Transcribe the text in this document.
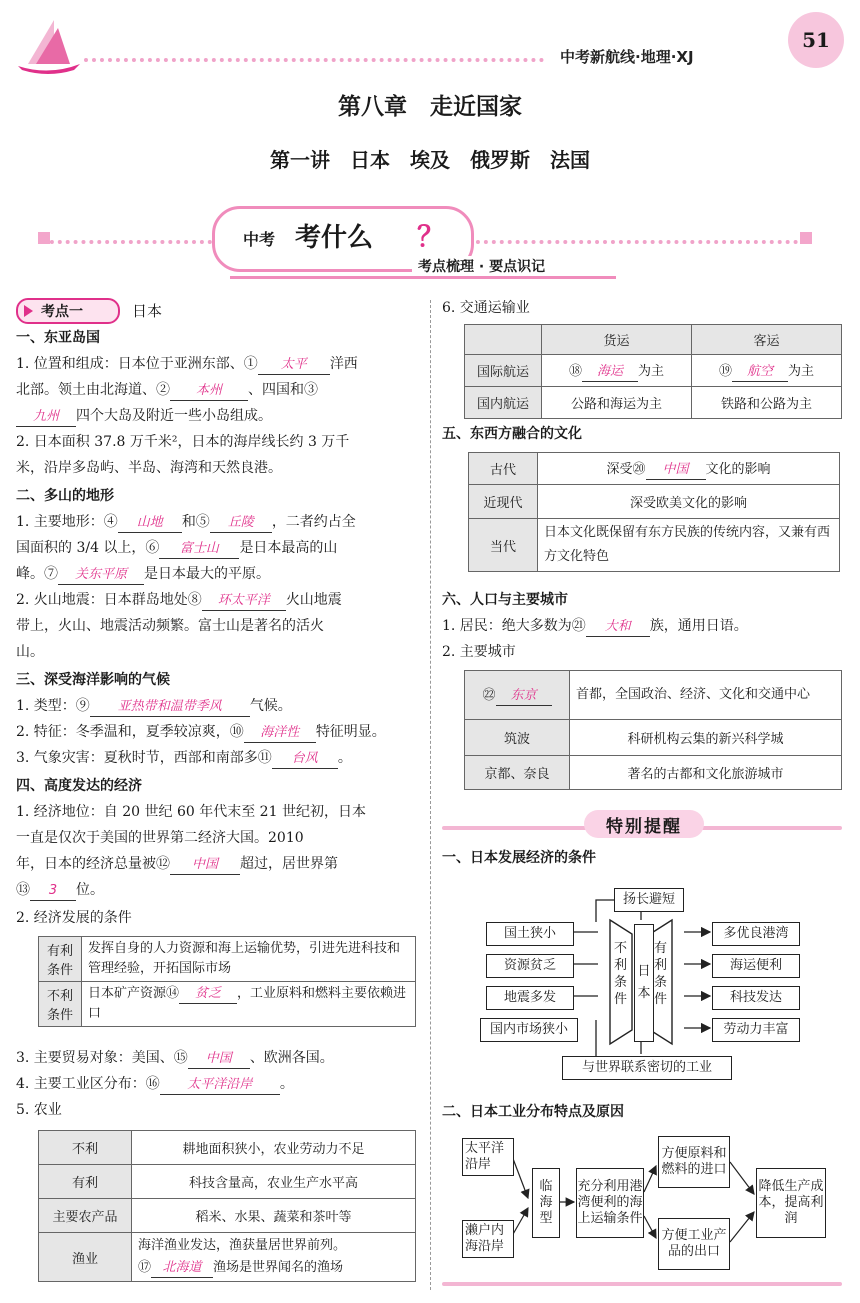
中考新航线·地理·XJ
51
第八章　走近国家
第一讲　日本　埃及　俄罗斯　法国
中考 考什么 ？
考点梳理 · 要点识记
考点一	日本
一、东亚岛国
1. 位置和组成：日本位于亚洲东部、① 太平 洋西
北部。领土由北海道、② 本州 、四国和③
九州 四个大岛及附近一些小岛组成。
2. 日本面积 37.8 万千米²，日本的海岸线长约 3 万千
米，沿岸多岛屿、半岛、海湾和天然良港。
二、多山的地形
1. 主要地形：④ 山地 和⑤ 丘陵 ，二者约占全
国面积的 3/4 以上，⑥ 富士山 是日本最高的山
峰。⑦ 关东平原 是日本最大的平原。
2. 火山地震：日本群岛地处⑧ 环太平洋 火山地震
带上，火山、地震活动频繁。富士山是著名的活火
山。
三、深受海洋影响的气候
1. 类型：⑨ 亚热带和温带季风 气候。
2. 特征：冬季温和，夏季较凉爽，⑩ 海洋性 特征明显。
3. 气象灾害：夏秋时节，西部和南部多⑪ 台风 。
四、高度发达的经济
1. 经济地位：自 20 世纪 60 年代末至 21 世纪初，日本
一直是仅次于美国的世界第二经济大国。2010
年，日本的经济总量被⑫ 中国 超过，居世界第
⑬ 3 位。
2. 经济发展的条件
有利条件	发挥自身的人力资源和海上运输优势，引进先进科技和管理经验，开拓国际市场
不利条件	日本矿产资源⑭ 贫乏 ，工业原料和燃料主要依赖进口
3. 主要贸易对象：美国、⑮ 中国 、欧洲各国。
4. 主要工业区分布：⑯ 太平洋沿岸 。
5. 农业
不利	耕地面积狭小，农业劳动力不足
有利	科技含量高，农业生产水平高
主要农产品	稻米、水果、蔬菜和茶叶等
渔业	海洋渔业发达，渔获量居世界前列。
⑰ 北海道 渔场是世界闻名的渔场
6. 交通运输业
	货运	客运
国际航运	⑱ 海运 为主	⑲ 航空 为主
国内航运	公路和海运为主	铁路和公路为主
五、东西方融合的文化
古代	深受⑳ 中国 文化的影响
近现代	深受欧美文化的影响
当代	日本文化既保留有东方民族的传统内容，又兼有西方文化特色
六、人口与主要城市
1. 居民：绝大多数为㉑ 大和 族，通用日语。
2. 主要城市
㉒ 东京	首都，全国政治、经济、文化和交通中心
筑波	科研机构云集的新兴科学城
京都、奈良	著名的古都和文化旅游城市
特别提醒
一、日本发展经济的条件
扬长避短
国土狭小
资源贫乏
地震多发
国内市场狭小
不利条件
日本
有利条件
多优良港湾
海运便利
科技发达
劳动力丰富
与世界联系密切的工业
二、日本工业分布特点及原因
太平洋沿岸
濑户内海沿岸
临海型
充分利用港湾便利的海上运输条件
方便原料和燃料的进口
方便工业产品的出口
降低生产成本，提高利润
